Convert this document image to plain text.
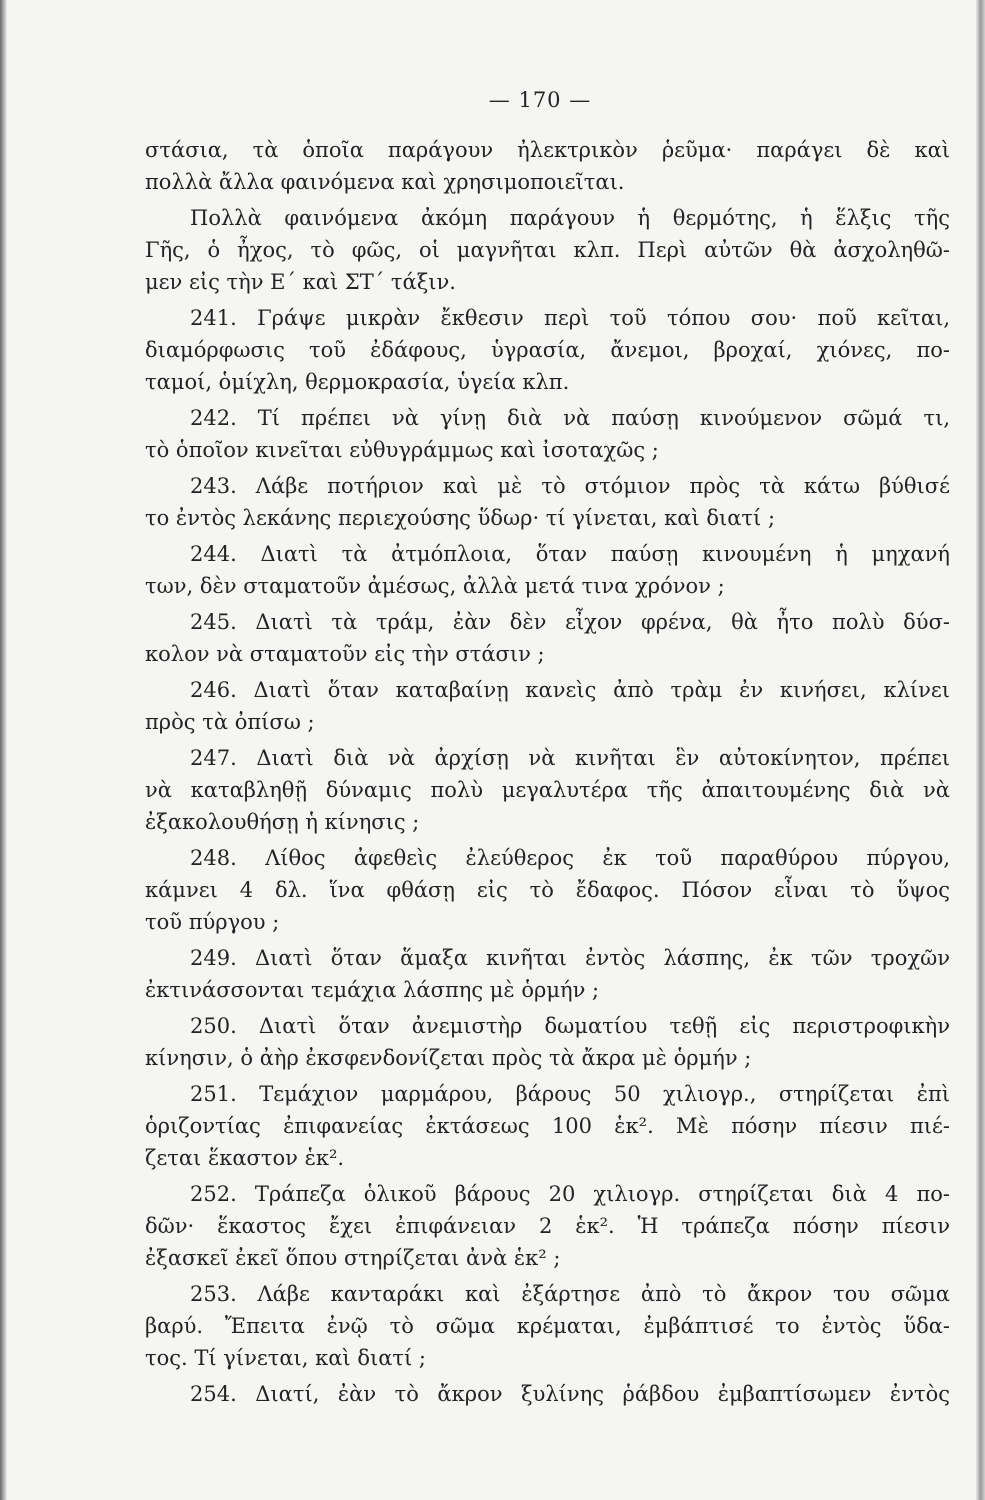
— 170 —
στάσια, τὰ ὁποῖα παράγουν ἠλεκτρικὸν ῥεῦμα· παράγει δὲ καὶ
πολλὰ ἄλλα φαινόμενα καὶ χρησιμοποιεῖται.
Πολλὰ φαινόμενα ἀκόμη παράγουν ἡ θερμότης, ἡ ἕλξις τῆς
Γῆς, ὁ ἦχος, τὸ φῶς, οἱ μαγνῆται κλπ. Περὶ αὐτῶν θὰ ἀσχοληθῶ-
μεν εἰς τὴν Ε΄ καὶ ΣΤ΄ τάξιν.
241. Γράψε μικρὰν ἔκθεσιν περὶ τοῦ τόπου σου· ποῦ κεῖται,
διαμόρφωσις τοῦ ἐδάφους, ὑγρασία, ἄνεμοι, βροχαί, χιόνες, πο-
ταμοί, ὁμίχλη, θερμοκρασία, ὑγεία κλπ.
242. Τί πρέπει νὰ γίνῃ διὰ νὰ παύσῃ κινούμενον σῶμά τι,
τὸ ὁποῖον κινεῖται εὐθυγράμμως καὶ ἰσοταχῶς ;
243. Λάβε ποτήριον καὶ μὲ τὸ στόμιον πρὸς τὰ κάτω βύθισέ
το ἐντὸς λεκάνης περιεχούσης ὕδωρ· τί γίνεται, καὶ διατί ;
244. Διατὶ τὰ ἀτμόπλοια, ὅταν παύσῃ κινουμένη ἡ μηχανή
των, δὲν σταματοῦν ἀμέσως, ἀλλὰ μετά τινα χρόνον ;
245. Διατὶ τὰ τράμ, ἐὰν δὲν εἶχον φρένα, θὰ ἦτο πολὺ δύσ-
κολον νὰ σταματοῦν εἰς τὴν στάσιν ;
246. Διατὶ ὅταν καταβαίνῃ κανεὶς ἀπὸ τρὰμ ἐν κινήσει, κλίνει
πρὸς τὰ ὀπίσω ;
247. Διατὶ διὰ νὰ ἀρχίσῃ νὰ κινῆται ἓν αὐτοκίνητον, πρέπει
νὰ καταβληθῇ δύναμις πολὺ μεγαλυτέρα τῆς ἀπαιτουμένης διὰ νὰ
ἐξακολουθήσῃ ἡ κίνησις ;
248. Λίθος ἀφεθεὶς ἐλεύθερος ἐκ τοῦ παραθύρου πύργου,
κάμνει 4 δλ. ἵνα φθάσῃ εἰς τὸ ἔδαφος. Πόσον εἶναι τὸ ὕψος
τοῦ πύργου ;
249. Διατὶ ὅταν ἅμαξα κινῆται ἐντὸς λάσπης, ἐκ τῶν τροχῶν
ἐκτινάσσονται τεμάχια λάσπης μὲ ὁρμήν ;
250. Διατὶ ὅταν ἀνεμιστὴρ δωματίου τεθῇ εἰς περιστροφικὴν
κίνησιν, ὁ ἀὴρ ἐκσφενδονίζεται πρὸς τὰ ἄκρα μὲ ὁρμήν ;
251. Τεμάχιον μαρμάρου, βάρους 50 χιλιογρ., στηρίζεται ἐπὶ
ὁριζοντίας ἐπιφανείας ἐκτάσεως 100 ἑκ². Μὲ πόσην πίεσιν πιέ-
ζεται ἕκαστον ἑκ².
252. Τράπεζα ὁλικοῦ βάρους 20 χιλιογρ. στηρίζεται διὰ 4 πο-
δῶν· ἕκαστος ἔχει ἐπιφάνειαν 2 ἑκ². Ἡ τράπεζα πόσην πίεσιν
ἐξασκεῖ ἐκεῖ ὅπου στηρίζεται ἀνὰ ἑκ² ;
253. Λάβε κανταράκι καὶ ἐξάρτησε ἀπὸ τὸ ἄκρον του σῶμα
βαρύ. Ἔπειτα ἐνῷ τὸ σῶμα κρέμαται, ἐμβάπτισέ το ἐντὸς ὕδα-
τος. Τί γίνεται, καὶ διατί ;
254. Διατί, ἐὰν τὸ ἄκρον ξυλίνης ῥάβδου ἐμβαπτίσωμεν ἐντὸς
